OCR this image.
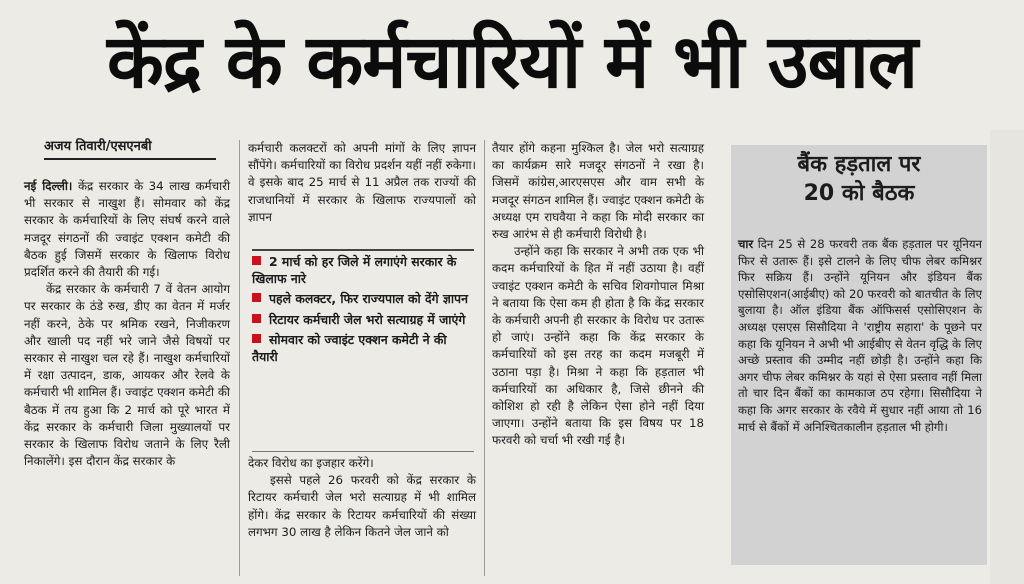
केंद्र के कर्मचारियों में भी उबाल
अजय तिवारी/एसएनबी

नई दिल्ली। केंद्र सरकार के 34 लाख कर्मचारी भी सरकार से नाखुश हैं। सोमवार को केंद्र सरकार के कर्मचारियों के लिए संघर्ष करने वाले मजदूर संगठनों की ज्वाइंट एक्शन कमेटी की बैठक हुई जिसमें सरकार के खिलाफ विरोध प्रदर्शित करने की तैयारी की गई।

केंद्र सरकार के कर्मचारी 7 वें वेतन आयोग पर सरकार के ठंडे रुख, डीए का वेतन में मर्जर नहीं करने, ठेके पर श्रमिक रखने, निजीकरण और खाली पद नहीं भरे जाने जैसे विषयों पर सरकार से नाखुश चल रहे हैं। नाखुश कर्मचारियों में रक्षा उत्पादन, डाक, आयकर और रेलवे के कर्मचारी भी शामिल हैं। ज्वाइंट एक्शन कमेटी की बैठक में तय हुआ कि 2 मार्च को पूरे भारत में केंद्र सरकार के कर्मचारी जिला मुख्यालयों पर सरकार के खिलाफ विरोध जताने के लिए रैली निकालेंगे। इस दौरान केंद्र सरकार के

कर्मचारी कलक्टरों को अपनी मांगों के लिए ज्ञापन सौंपेंगे। कर्मचारियों का विरोध प्रदर्शन यहीं नहीं रुकेगा। वे इसके बाद 25 मार्च से 11 अप्रैल तक राज्यों की राजधानियों में सरकार के खिलाफ राज्यपालों को ज्ञापन

2 मार्च को हर जिले में लगाएंगे सरकार के खिलाफ नारे
पहले कलक्टर, फिर राज्यपाल को देंगे ज्ञापन
रिटायर कर्मचारी जेल भरो सत्याग्रह में जाएंगे
सोमवार को ज्वाइंट एक्शन कमेटी ने की तैयारी

देकर विरोध का इजहार करेंगे।

इससे पहले 26 फरवरी को केंद्र सरकार के रिटायर कर्मचारी जेल भरो सत्याग्रह में भी शामिल होंगे। केंद्र सरकार के रिटायर कर्मचारियों की संख्या लगभग 30 लाख है लेकिन कितने जेल जाने को

तैयार होंगे कहना मुश्किल है। जेल भरो सत्याग्रह का कार्यक्रम सारे मजदूर संगठनों ने रखा है। जिसमें कांग्रेस,आरएसएस और वाम सभी के मजदूर संगठन शामिल हैं। ज्वाइंट एक्शन कमेटी के अध्यक्ष एम राघवैया ने कहा कि मोदी सरकार का रुख आरंभ से ही कर्मचारी विरोधी है।

उन्होंने कहा कि सरकार ने अभी तक एक भी कदम कर्मचारियों के हित में नहीं उठाया है। वहीं ज्वाइंट एक्शन कमेटी के सचिव शिवगोपाल मिश्रा ने बताया कि ऐसा कम ही होता है कि केंद्र सरकार के कर्मचारी अपनी ही सरकार के विरोध पर उतारू हो जाएं। उन्होंने कहा कि केंद्र सरकार के कर्मचारियों को इस तरह का कदम मजबूरी में उठाना पड़ा है। मिश्रा ने कहा कि हड़ताल भी कर्मचारियों का अधिकार है, जिसे छीनने की कोशिश हो रही है लेकिन ऐसा होने नहीं दिया जाएगा। उन्होंने बताया कि इस विषय पर 18 फरवरी को चर्चा भी रखी गई है।

बैंक हड़ताल पर
20 को बैठक

चार दिन 25 से 28 फरवरी तक बैंक हड़ताल पर यूनियन फिर से उतारू हैं। इसे टालने के लिए चीफ लेबर कमिश्नर फिर सक्रिय हैं। उन्होंने यूनियन और इंडियन बैंक एसोसिएशन(आईबीए) को 20 फरवरी को बातचीत के लिए बुलाया है। ऑल इंडिया बैंक ऑफिसर्स एसोसिएशन के अध्यक्ष एसएस सिसौदिया ने 'राष्ट्रीय सहारा' के पूछने पर कहा कि यूनियन ने अभी भी आईबीए से वेतन वृद्धि के लिए अच्छे प्रस्ताव की उम्मीद नहीं छोड़ी है। उन्होंने कहा कि अगर चीफ लेबर कमिश्नर के यहां से ऐसा प्रस्ताव नहीं मिला तो चार दिन बैंकों का कामकाज ठप रहेगा। सिसौदिया ने कहा कि अगर सरकार के रवैये में सुधार नहीं आया तो 16 मार्च से बैंकों में अनिश्चितकालीन हड़ताल भी होगी।
